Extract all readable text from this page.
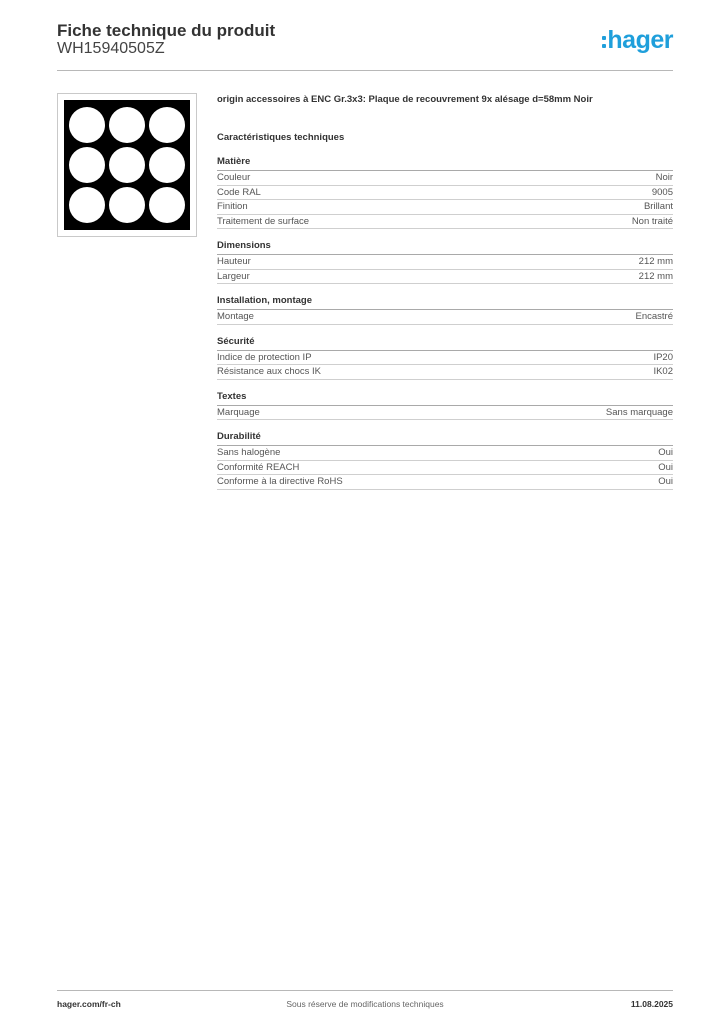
Fiche technique du produit
WH15940505Z	hager
origin accessoires à ENC Gr.3x3: Plaque de recouvrement 9x alésage d=58mm Noir
Caractéristiques techniques
Matière
Couleur	Noir
Code RAL	9005
Finition	Brillant
Traitement de surface	Non traité
Dimensions
Hauteur	212 mm
Largeur	212 mm
Installation, montage
Montage	Encastré
Sécurité
Indice de protection IP	IP20
Résistance aux chocs IK	IK02
Textes
Marquage	Sans marquage
Durabilité
Sans halogène	Oui
Conformité REACH	Oui
Conforme à la directive RoHS	Oui
hager.com/fr-ch	Sous réserve de modifications techniques	11.08.2025
